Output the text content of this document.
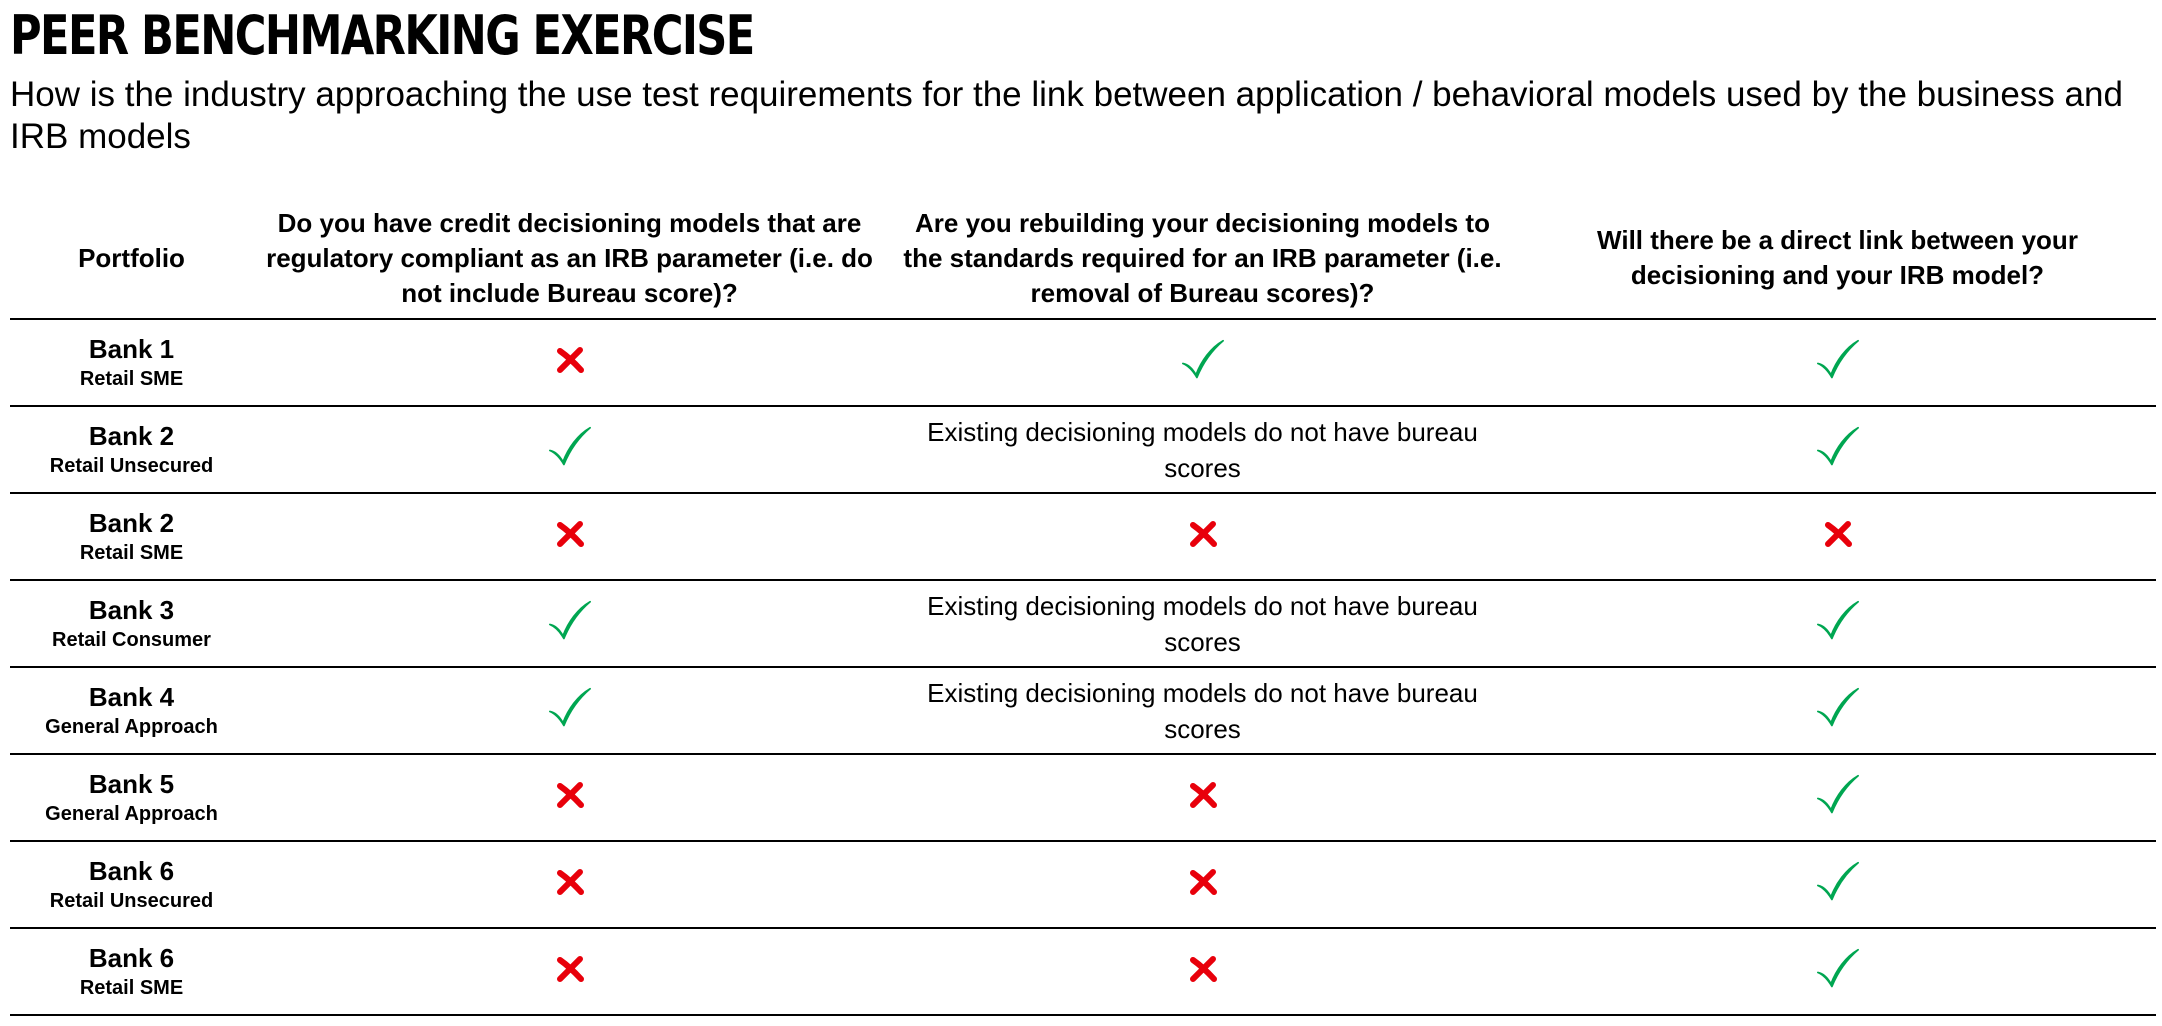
PEER BENCHMARKING EXERCISE
How is the industry approaching the use test requirements for the link between application / behavioral models used by the business and IRB models
Portfolio	Do you have credit decisioning models that are regulatory compliant as an IRB parameter (i.e. do not include Bureau score)?	Are you rebuilding your decisioning models to the standards required for an IRB parameter (i.e. removal of Bureau scores)?	Will there be a direct link between your decisioning and your IRB model?

Bank 1
Retail SME

Bank 2
Retail Unsecured		Existing decisioning models do not have bureau scores	

Bank 2
Retail SME

Bank 3
Retail Consumer		Existing decisioning models do not have bureau scores	

Bank 4
General Approach		Existing decisioning models do not have bureau scores	

Bank 5
General Approach

Bank 6
Retail Unsecured

Bank 6
Retail SME
